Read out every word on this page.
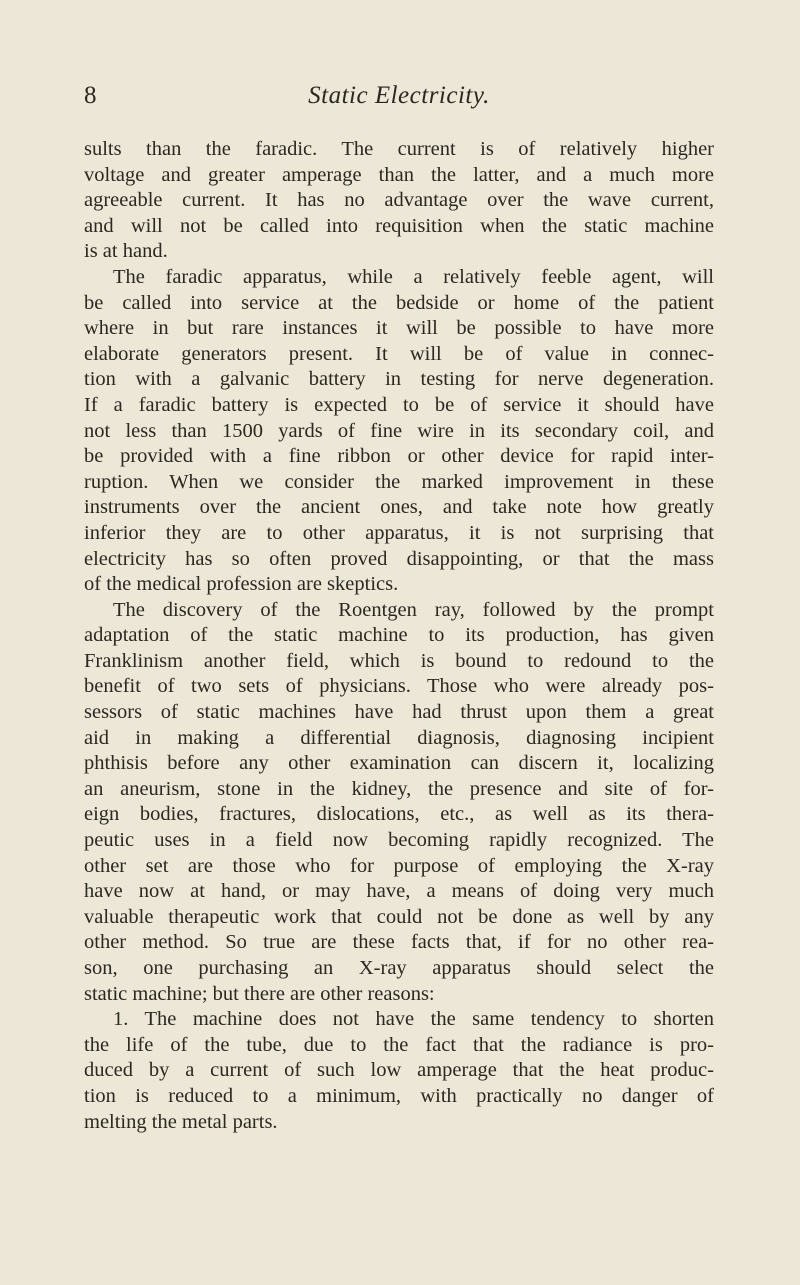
8	Static Electricity.
sults than the faradic. The current is of relatively higher
voltage and greater amperage than the latter, and a much more
agreeable current. It has no advantage over the wave current,
and will not be called into requisition when the static machine
is at hand.
The faradic apparatus, while a relatively feeble agent, will
be called into service at the bedside or home of the patient
where in but rare instances it will be possible to have more
elaborate generators present. It will be of value in connec-
tion with a galvanic battery in testing for nerve degeneration.
If a faradic battery is expected to be of service it should have
not less than 1500 yards of fine wire in its secondary coil, and
be provided with a fine ribbon or other device for rapid inter-
ruption. When we consider the marked improvement in these
instruments over the ancient ones, and take note how greatly
inferior they are to other apparatus, it is not surprising that
electricity has so often proved disappointing, or that the mass
of the medical profession are skeptics.
The discovery of the Roentgen ray, followed by the prompt
adaptation of the static machine to its production, has given
Franklinism another field, which is bound to redound to the
benefit of two sets of physicians. Those who were already pos-
sessors of static machines have had thrust upon them a great
aid in making a differential diagnosis, diagnosing incipient
phthisis before any other examination can discern it, localizing
an aneurism, stone in the kidney, the presence and site of for-
eign bodies, fractures, dislocations, etc., as well as its thera-
peutic uses in a field now becoming rapidly recognized. The
other set are those who for purpose of employing the X-ray
have now at hand, or may have, a means of doing very much
valuable therapeutic work that could not be done as well by any
other method. So true are these facts that, if for no other rea-
son, one purchasing an X-ray apparatus should select the
static machine; but there are other reasons:
1. The machine does not have the same tendency to shorten
the life of the tube, due to the fact that the radiance is pro-
duced by a current of such low amperage that the heat produc-
tion is reduced to a minimum, with practically no danger of
melting the metal parts.
